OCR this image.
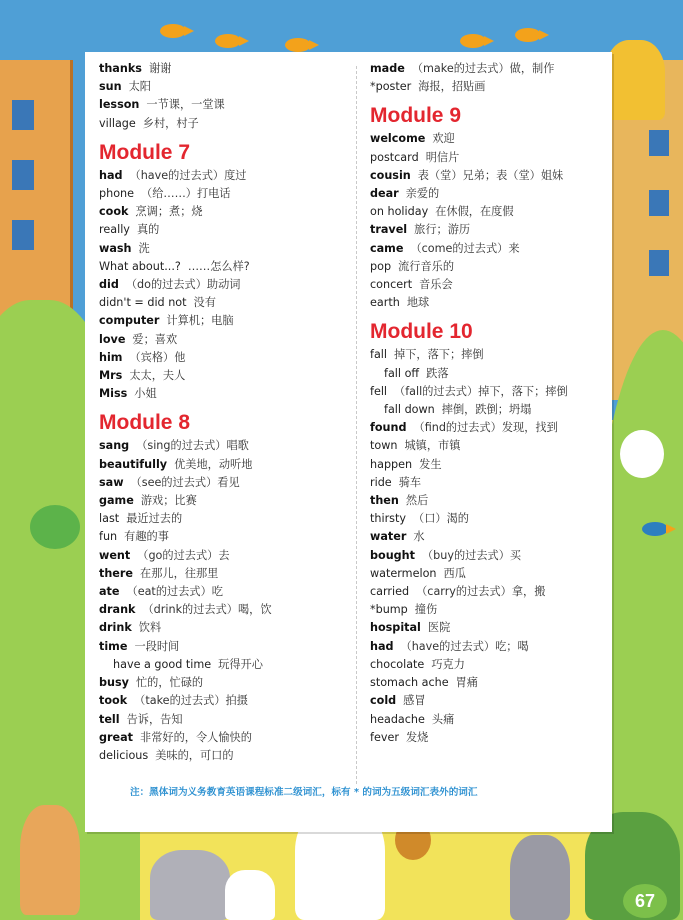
thanks 谢谢
sun 太阳
lesson 一节课，一堂课
village 乡村，村子
Module 7
had （have的过去式）度过
phone （给……）打电话
cook 烹调；煮；烧
really 真的
wash 洗
What about...? ……怎么样?
did （do的过去式）助动词
didn't = did not 没有
computer 计算机；电脑
love 爱；喜欢
him （宾格）他
Mrs 太太，夫人
Miss 小姐
Module 8
sang （sing的过去式）唱歌
beautifully 优美地，动听地
saw （see的过去式）看见
game 游戏；比赛
last 最近过去的
fun 有趣的事
went （go的过去式）去
there 在那儿，往那里
ate （eat的过去式）吃
drank （drink的过去式）喝，饮
drink 饮料
time 一段时间
have a good time 玩得开心
busy 忙的，忙碌的
took （take的过去式）拍摄
tell 告诉，告知
great 非常好的，令人愉快的
delicious 美味的，可口的
made （make的过去式）做，制作
*poster 海报，招贴画
Module 9
welcome 欢迎
postcard 明信片
cousin 表（堂）兄弟；表（堂）姐妹
dear 亲爱的
on holiday 在休假，在度假
travel 旅行；游历
came （come的过去式）来
pop 流行音乐的
concert 音乐会
earth 地球
Module 10
fall 掉下，落下；摔倒
fall off 跌落
fell （fall的过去式）掉下，落下；摔倒
fall down 摔倒，跌倒；坍塌
found （find的过去式）发现，找到
town 城镇，市镇
happen 发生
ride 骑车
then 然后
thirsty （口）渴的
water 水
bought （buy的过去式）买
watermelon 西瓜
carried （carry的过去式）拿，搬
*bump 撞伤
hospital 医院
had （have的过去式）吃；喝
chocolate 巧克力
stomach ache 胃痛
cold 感冒
headache 头痛
fever 发烧
注：黑体词为义务教育英语课程标准二级词汇，标有 * 的词为五级词汇表外的词汇
67
